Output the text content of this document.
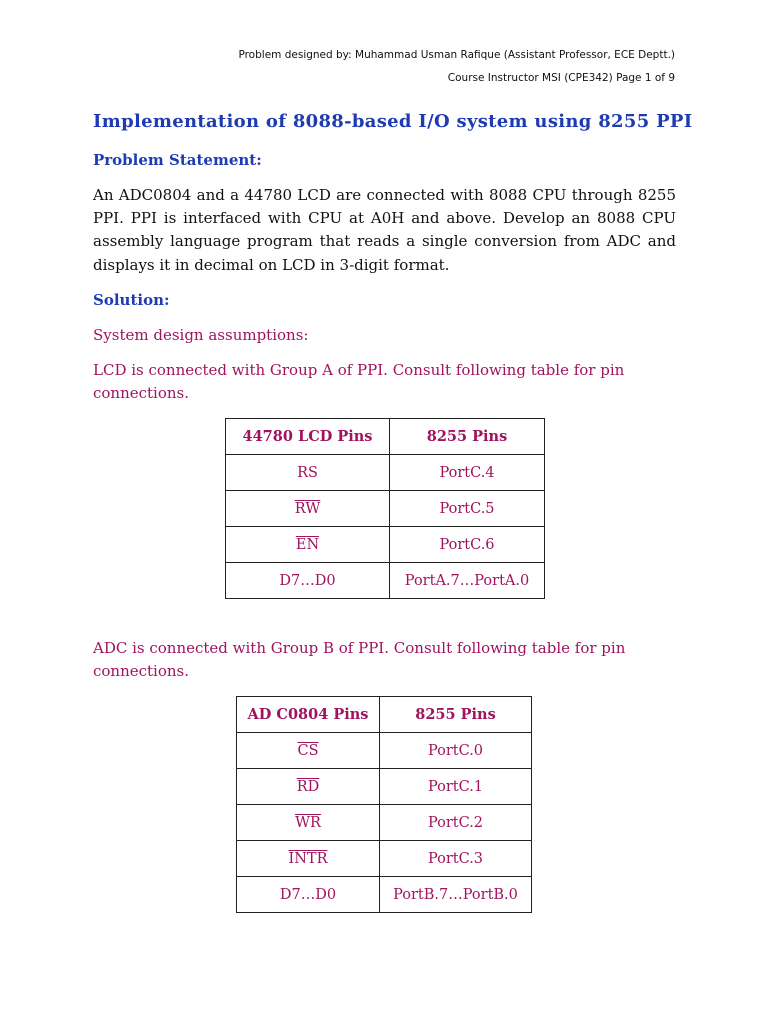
Problem designed by: Muhammad Usman Rafique (Assistant Professor, ECE Deptt.)
Course Instructor MSI (CPE342) Page 1 of 9
Implementation of 8088-based I/O system using 8255 PPI
Problem Statement:
An ADC0804 and a 44780 LCD are connected with 8088 CPU through 8255 PPI. PPI is interfaced with CPU at A0H and above. Develop an 8088 CPU assembly language program that reads a single conversion from ADC and displays it in decimal on LCD in 3-digit format.
Solution:
System design assumptions:
LCD is connected with Group A of PPI. Consult following table for pin connections.
44780 LCD Pins	8255 Pins
RS	PortC.4
$\overline{RW}$	PortC.5
$\overline{EN}$	PortC.6
D7…D0	PortA.7…PortA.0
ADC is connected with Group B of PPI. Consult following table for pin connections.
AD C0804 Pins	8255 Pins
$\overline{CS}$	PortC.0
$\overline{RD}$	PortC.1
$\overline{WR}$	PortC.2
INTR	PortC.3
D7…D0	PortB.7…PortB.0
